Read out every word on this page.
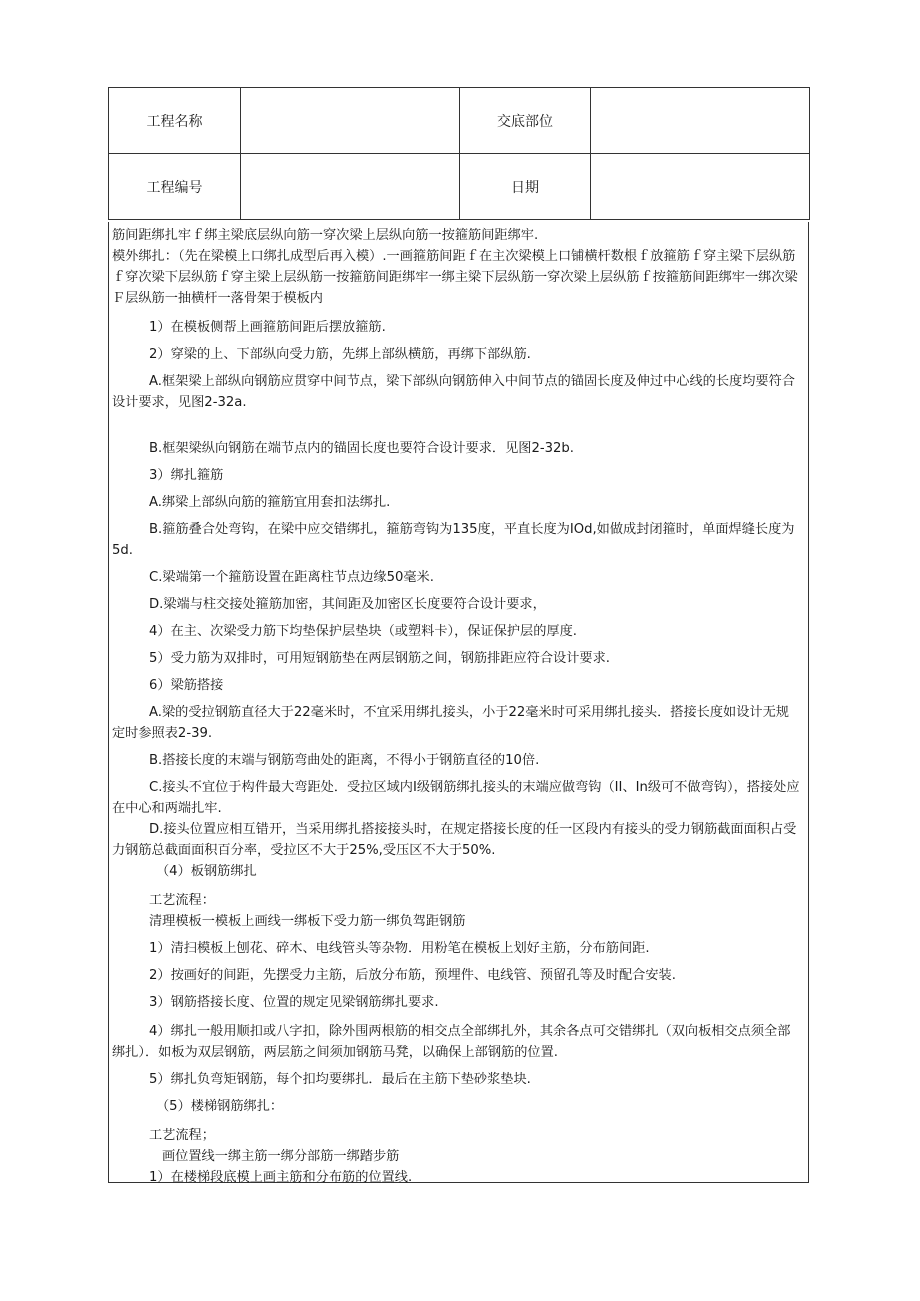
工程名称		交底部位	
工程编号		日期	

筋间距绑扎牢ｆ绑主梁底层纵向筋一穿次梁上层纵向筋一按箍筋间距绑牢.

模外绑扎：（先在梁模上口绑扎成型后再入模）.一画箍筋间距ｆ在主次梁模上口铺横杆数根ｆ放箍筋ｆ穿主梁下层纵筋ｆ穿次梁下层纵筋ｆ穿主梁上层纵筋一按箍筋间距绑牢一绑主梁下层纵筋一穿次梁上层纵筋ｆ按箍筋间距绑牢一绑次梁Ｆ层纵筋一抽横杆一落骨架于模板内

1）在模板侧帮上画箍筋间距后摆放箍筋.

2）穿梁的上、下部纵向受力筋，先绑上部纵横筋，再绑下部纵筋.

A.框架梁上部纵向钢筋应贯穿中间节点，梁下部纵向钢筋伸入中间节点的锚固长度及伸过中心线的长度均要符合设计要求，见图2-32a.

B.框架梁纵向钢筋在端节点内的锚固长度也要符合设计要求．见图2-32b.

3）绑扎箍筋

A.绑梁上部纵向筋的箍筋宜用套扣法绑扎.

B.箍筋叠合处弯钩，在梁中应交错绑扎，箍筋弯钩为135度，平直长度为IOd,如做成封闭箍时，单面焊缝长度为5d.

C.梁端第一个箍筋设置在距离柱节点边缘50毫米.

D.梁端与柱交接处箍筋加密，其间距及加密区长度要符合设计要求，

4）在主、次梁受力筋下均垫保护层垫块（或塑料卡），保证保护层的厚度.

5）受力筋为双排时，可用短钢筋垫在两层钢筋之间，钢筋排距应符合设计要求.

6）梁筋搭接

A.梁的受拉钢筋直径大于22毫米时，不宜采用绑扎接头，小于22毫米时可采用绑扎接头．搭接长度如设计无规定时参照表2-39.

B.搭接长度的末端与钢筋弯曲处的距离，不得小于钢筋直径的10倍.

C.接头不宜位于构件最大弯距处．受拉区域内I级钢筋绑扎接头的末端应做弯钩（II、In级可不做弯钩），搭接处应在中心和两端扎牢.

D.接头位置应相互错开，当采用绑扎搭接接头时，在规定搭接长度的任一区段内有接头的受力钢筋截面面积占受力钢筋总截面面积百分率，受拉区不大于25%,受压区不大于50%.

（4）板钢筋绑扎

工艺流程：

清理模板一模板上画线一绑板下受力筋一绑负驾距钢筋

1）清扫模板上刨花、碎木、电线管头等杂物．用粉笔在模板上划好主筋，分布筋间距.

2）按画好的间距，先摆受力主筋，后放分布筋，预埋件、电线管、预留孔等及时配合安装.

3）钢筋搭接长度、位置的规定见梁钢筋绑扎要求.

4）绑扎一般用顺扣或八字扣，除外围两根筋的相交点全部绑扎外，其余各点可交错绑扎（双向板相交点须全部绑扎）．如板为双层钢筋，两层筋之间须加钢筋马凳，以确保上部钢筋的位置.

5）绑扎负弯矩钢筋，每个扣均要绑扎．最后在主筋下垫砂浆垫块.

（5）楼梯钢筋绑扎：

工艺流程；

画位置线一绑主筋一绑分部筋一绑踏步筋

1）在楼梯段底模上画主筋和分布筋的位置线.
